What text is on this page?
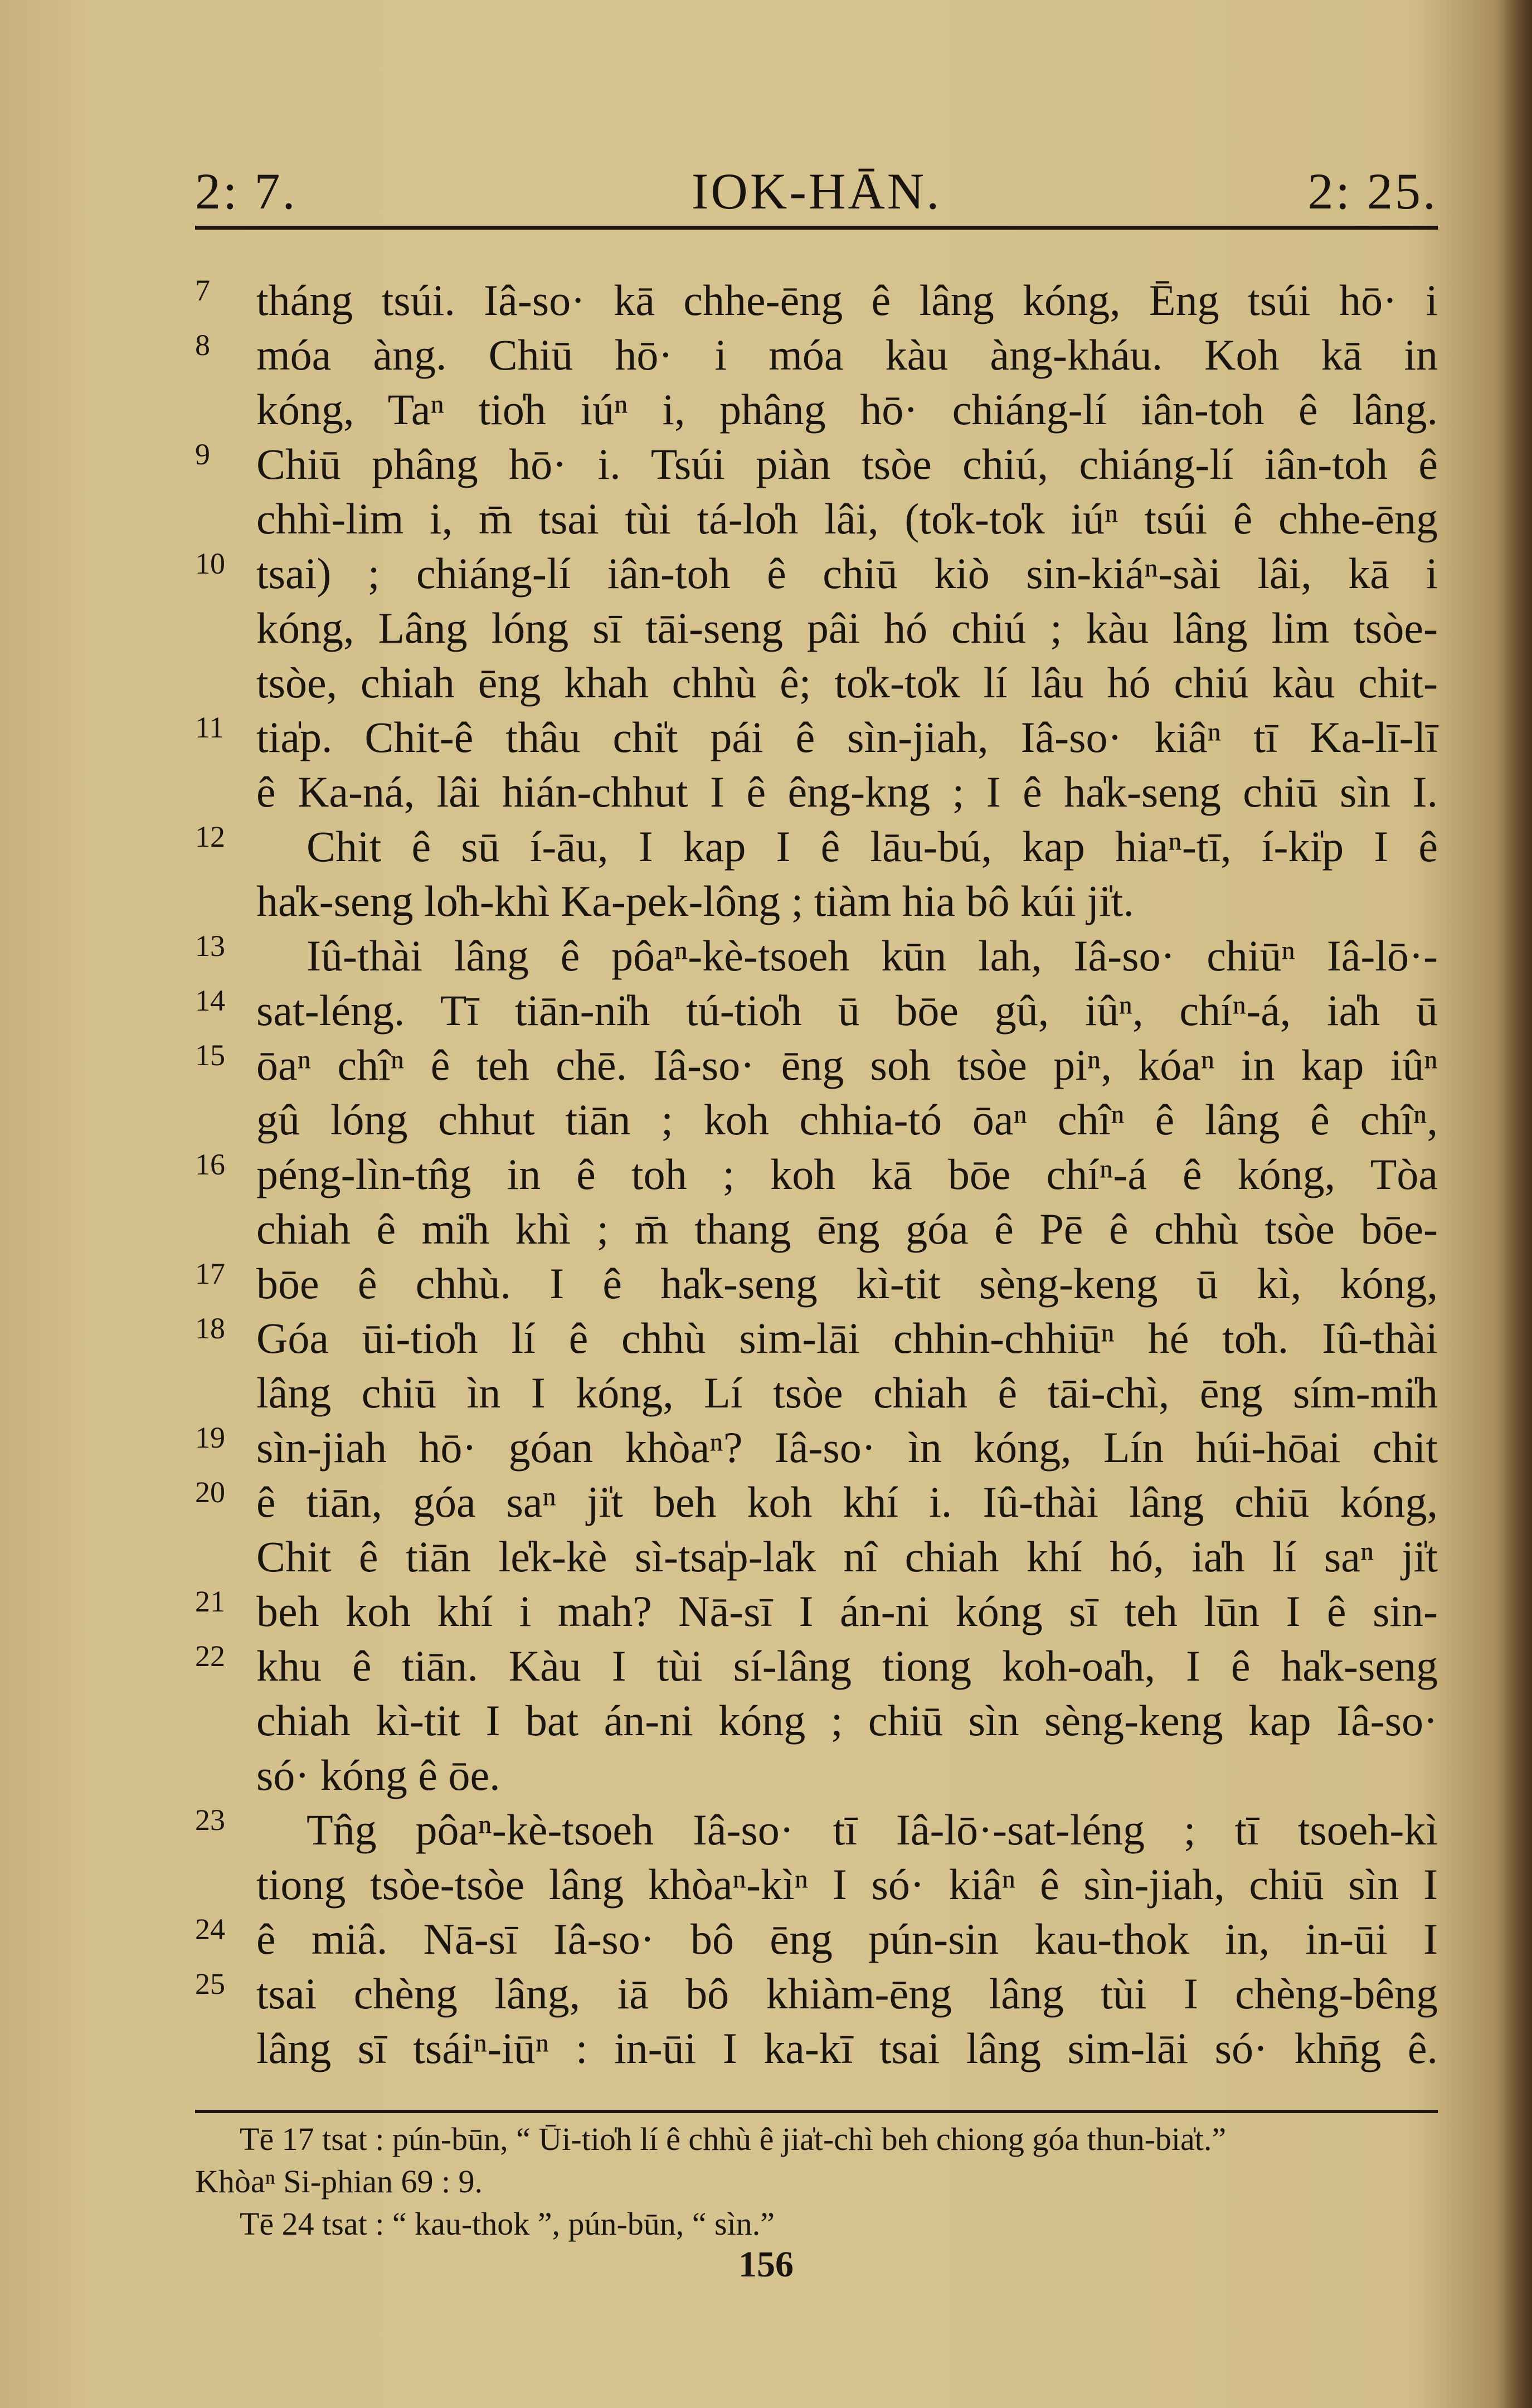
2: 7.	IOK-HĀN.	2: 25.
7 tháng tsúi. Iâ-so· kā chhe-ēng ê lâng kóng, Ēng tsúi hō· i
8 móa àng. Chiū hō· i móa kàu àng-kháu. Koh kā in
kóng, Taⁿ tio̍h iúⁿ i, phâng hō· chiáng-lí iân-toh ê lâng.
9 Chiū phâng hō· i. Tsúi piàn tsòe chiú, chiáng-lí iân-toh ê
chhì-lim i, m̄ tsai tùi tá-lo̍h lâi, (to̍k-to̍k iúⁿ tsúi ê chhe-ēng
10 tsai) ; chiáng-lí iân-toh ê chiū kiò sin-kiáⁿ-sài lâi, kā i
kóng, Lâng lóng sī tāi-seng pâi hó chiú ; kàu lâng lim tsòe-
tsòe, chiah ēng khah chhù ê; to̍k-to̍k lí lâu hó chiú kàu chit-
11 tia̍p. Chit-ê thâu chi̍t pái ê sìn-jiah, Iâ-so· kiâⁿ tī Ka-lī-lī
ê Ka-ná, lâi hián-chhut I ê êng-kng ; I ê ha̍k-seng chiū sìn I.
12 Chit ê sū í-āu, I kap I ê lāu-bú, kap hiaⁿ-tī, í-ki̍p I ê
ha̍k-seng lo̍h-khì Ka-pek-lông ; tiàm hia bô kúi ji̍t.
13 Iû-thài lâng ê pôaⁿ-kè-tsoeh kūn lah, Iâ-so· chiūⁿ Iâ-lō·-
14 sat-léng. Tī tiān-ni̍h tú-tio̍h ū bōe gû, iûⁿ, chíⁿ-á, ia̍h ū
15 ōaⁿ chîⁿ ê teh chē. Iâ-so· ēng soh tsòe piⁿ, kóaⁿ in kap iûⁿ
gû lóng chhut tiān ; koh chhia-tó ōaⁿ chîⁿ ê lâng ê chîⁿ,
16 péng-lìn-tn̂g in ê toh ; koh kā bōe chíⁿ-á ê kóng, Tòa
chiah ê mi̍h khì ; m̄ thang ēng góa ê Pē ê chhù tsòe bōe-
17 bōe ê chhù. I ê ha̍k-seng kì-tit sèng-keng ū kì, kóng,
18 Góa ūi-tio̍h lí ê chhù sim-lāi chhin-chhiūⁿ hé to̍h. Iû-thài
lâng chiū ìn I kóng, Lí tsòe chiah ê tāi-chì, ēng sím-mi̍h
19 sìn-jiah hō· góan khòaⁿ? Iâ-so· ìn kóng, Lín húi-hōai chit
20 ê tiān, góa saⁿ ji̍t beh koh khí i. Iû-thài lâng chiū kóng,
Chit ê tiān le̍k-kè sì-tsa̍p-la̍k nî chiah khí hó, ia̍h lí saⁿ ji̍t
21 beh koh khí i mah? Nā-sī I án-ni kóng sī teh lūn I ê sin-
22 khu ê tiān. Kàu I tùi sí-lâng tiong koh-oa̍h, I ê ha̍k-seng
chiah kì-tit I bat án-ni kóng ; chiū sìn sèng-keng kap Iâ-so·
só· kóng ê ōe.
23 Tn̂g pôaⁿ-kè-tsoeh Iâ-so· tī Iâ-lō·-sat-léng ; tī tsoeh-kì
tiong tsòe-tsòe lâng khòaⁿ-kìⁿ I só· kiâⁿ ê sìn-jiah, chiū sìn I
24 ê miâ. Nā-sī Iâ-so· bô ēng pún-sin kau-thok in, in-ūi I
25 tsai chèng lâng, iā bô khiàm-ēng lâng tùi I chèng-bêng
lâng sī tsáiⁿ-iūⁿ : in-ūi I ka-kī tsai lâng sim-lāi só· khn̄g ê.
Tē 17 tsat : pún-būn, “ Ūi-tio̍h lí ê chhù ê jia̍t-chì beh chiong góa thun-bia̍t.”
Khòaⁿ Si-phian 69 : 9.
Tē 24 tsat : “ kau-thok ”, pún-būn, “ sìn.”
156
